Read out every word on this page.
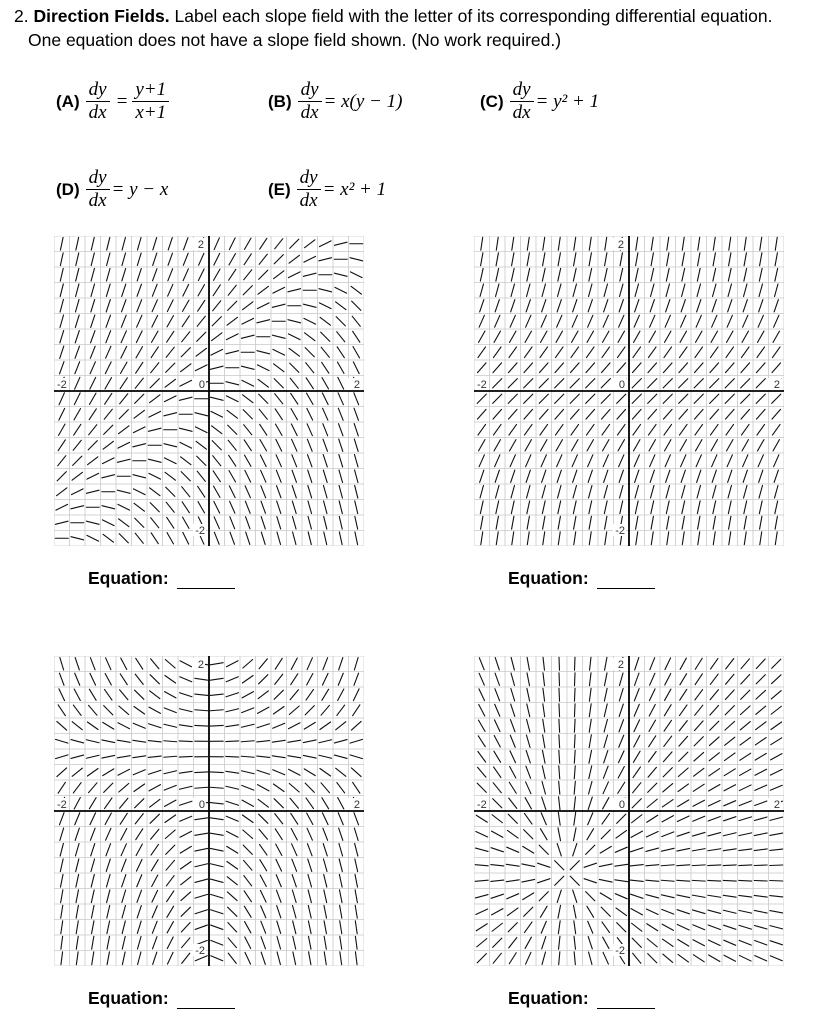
2. Direction Fields. Label each slope field with the letter of its corresponding differential equation.
One equation does not have a slope field shown. (No work required.)
$(A) \frac{dy}{dx} = \frac{y+1}{x+1}$	$(B) \frac{dy}{dx} = x(y - 1)$	$(C) \frac{dy}{dx} = y^2 + 1$
$(D) \frac{dy}{dx} = y - x$	$(E) \frac{dy}{dx} = x^2 + 1$
2
-2	0	2
-2
2
-2	0	2
-2
2
-2	0	2
-2
2
-2	0	2
-2
Equation:	Equation:
Equation:	Equation:
